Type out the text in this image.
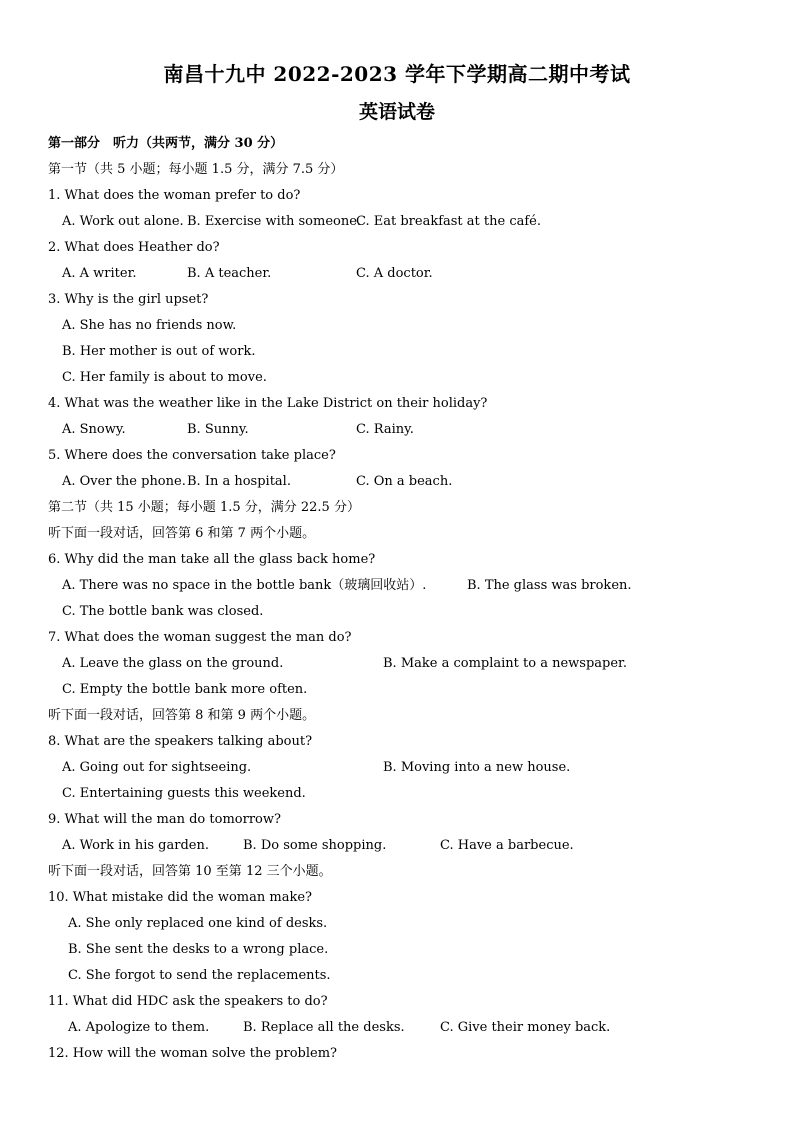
南昌十九中 2022-2023 学年下学期高二期中考试
英语试卷
第一部分　听力（共两节，满分 30 分）
第一节（共 5 小题；每小题 1.5 分，满分 7.5 分）
1. What does the woman prefer to do?
A. Work out alone. B. Exercise with someone.
C. Eat breakfast at the café.
2. What does Heather do?
A. A writer.	B. A teacher.	C. A doctor.
3. Why is the girl upset?
A. She has no friends now.
B. Her mother is out of work.
C. Her family is about to move.
4. What was the weather like in the Lake District on their holiday?
A. Snowy.	B. Sunny.	C. Rainy.
5. Where does the conversation take place?
A. Over the phone. B. In a hospital.	C. On a beach.
第二节（共 15 小题；每小题 1.5 分，满分 22.5 分）
听下面一段对话，回答第 6 和第 7 两个小题。
6. Why did the man take all the glass back home?
A. There was no space in the bottle bank（玻璃回收站）.	B. The glass was broken.
C. The bottle bank was closed.
7. What does the woman suggest the man do?
A. Leave the glass on the ground.	B. Make a complaint to a newspaper.
C. Empty the bottle bank more often.
听下面一段对话，回答第 8 和第 9 两个小题。
8. What are the speakers talking about?
A. Going out for sightseeing.	B. Moving into a new house.
C. Entertaining guests this weekend.
9. What will the man do tomorrow?
A. Work in his garden.	B. Do some shopping.	C. Have a barbecue.
听下面一段对话，回答第 10 至第 12 三个小题。
10. What mistake did the woman make?
A. She only replaced one kind of desks.
B. She sent the desks to a wrong place.
C. She forgot to send the replacements.
11. What did HDC ask the speakers to do?
A. Apologize to them.	B. Replace all the desks.	C. Give their money back.
12. How will the woman solve the problem?
